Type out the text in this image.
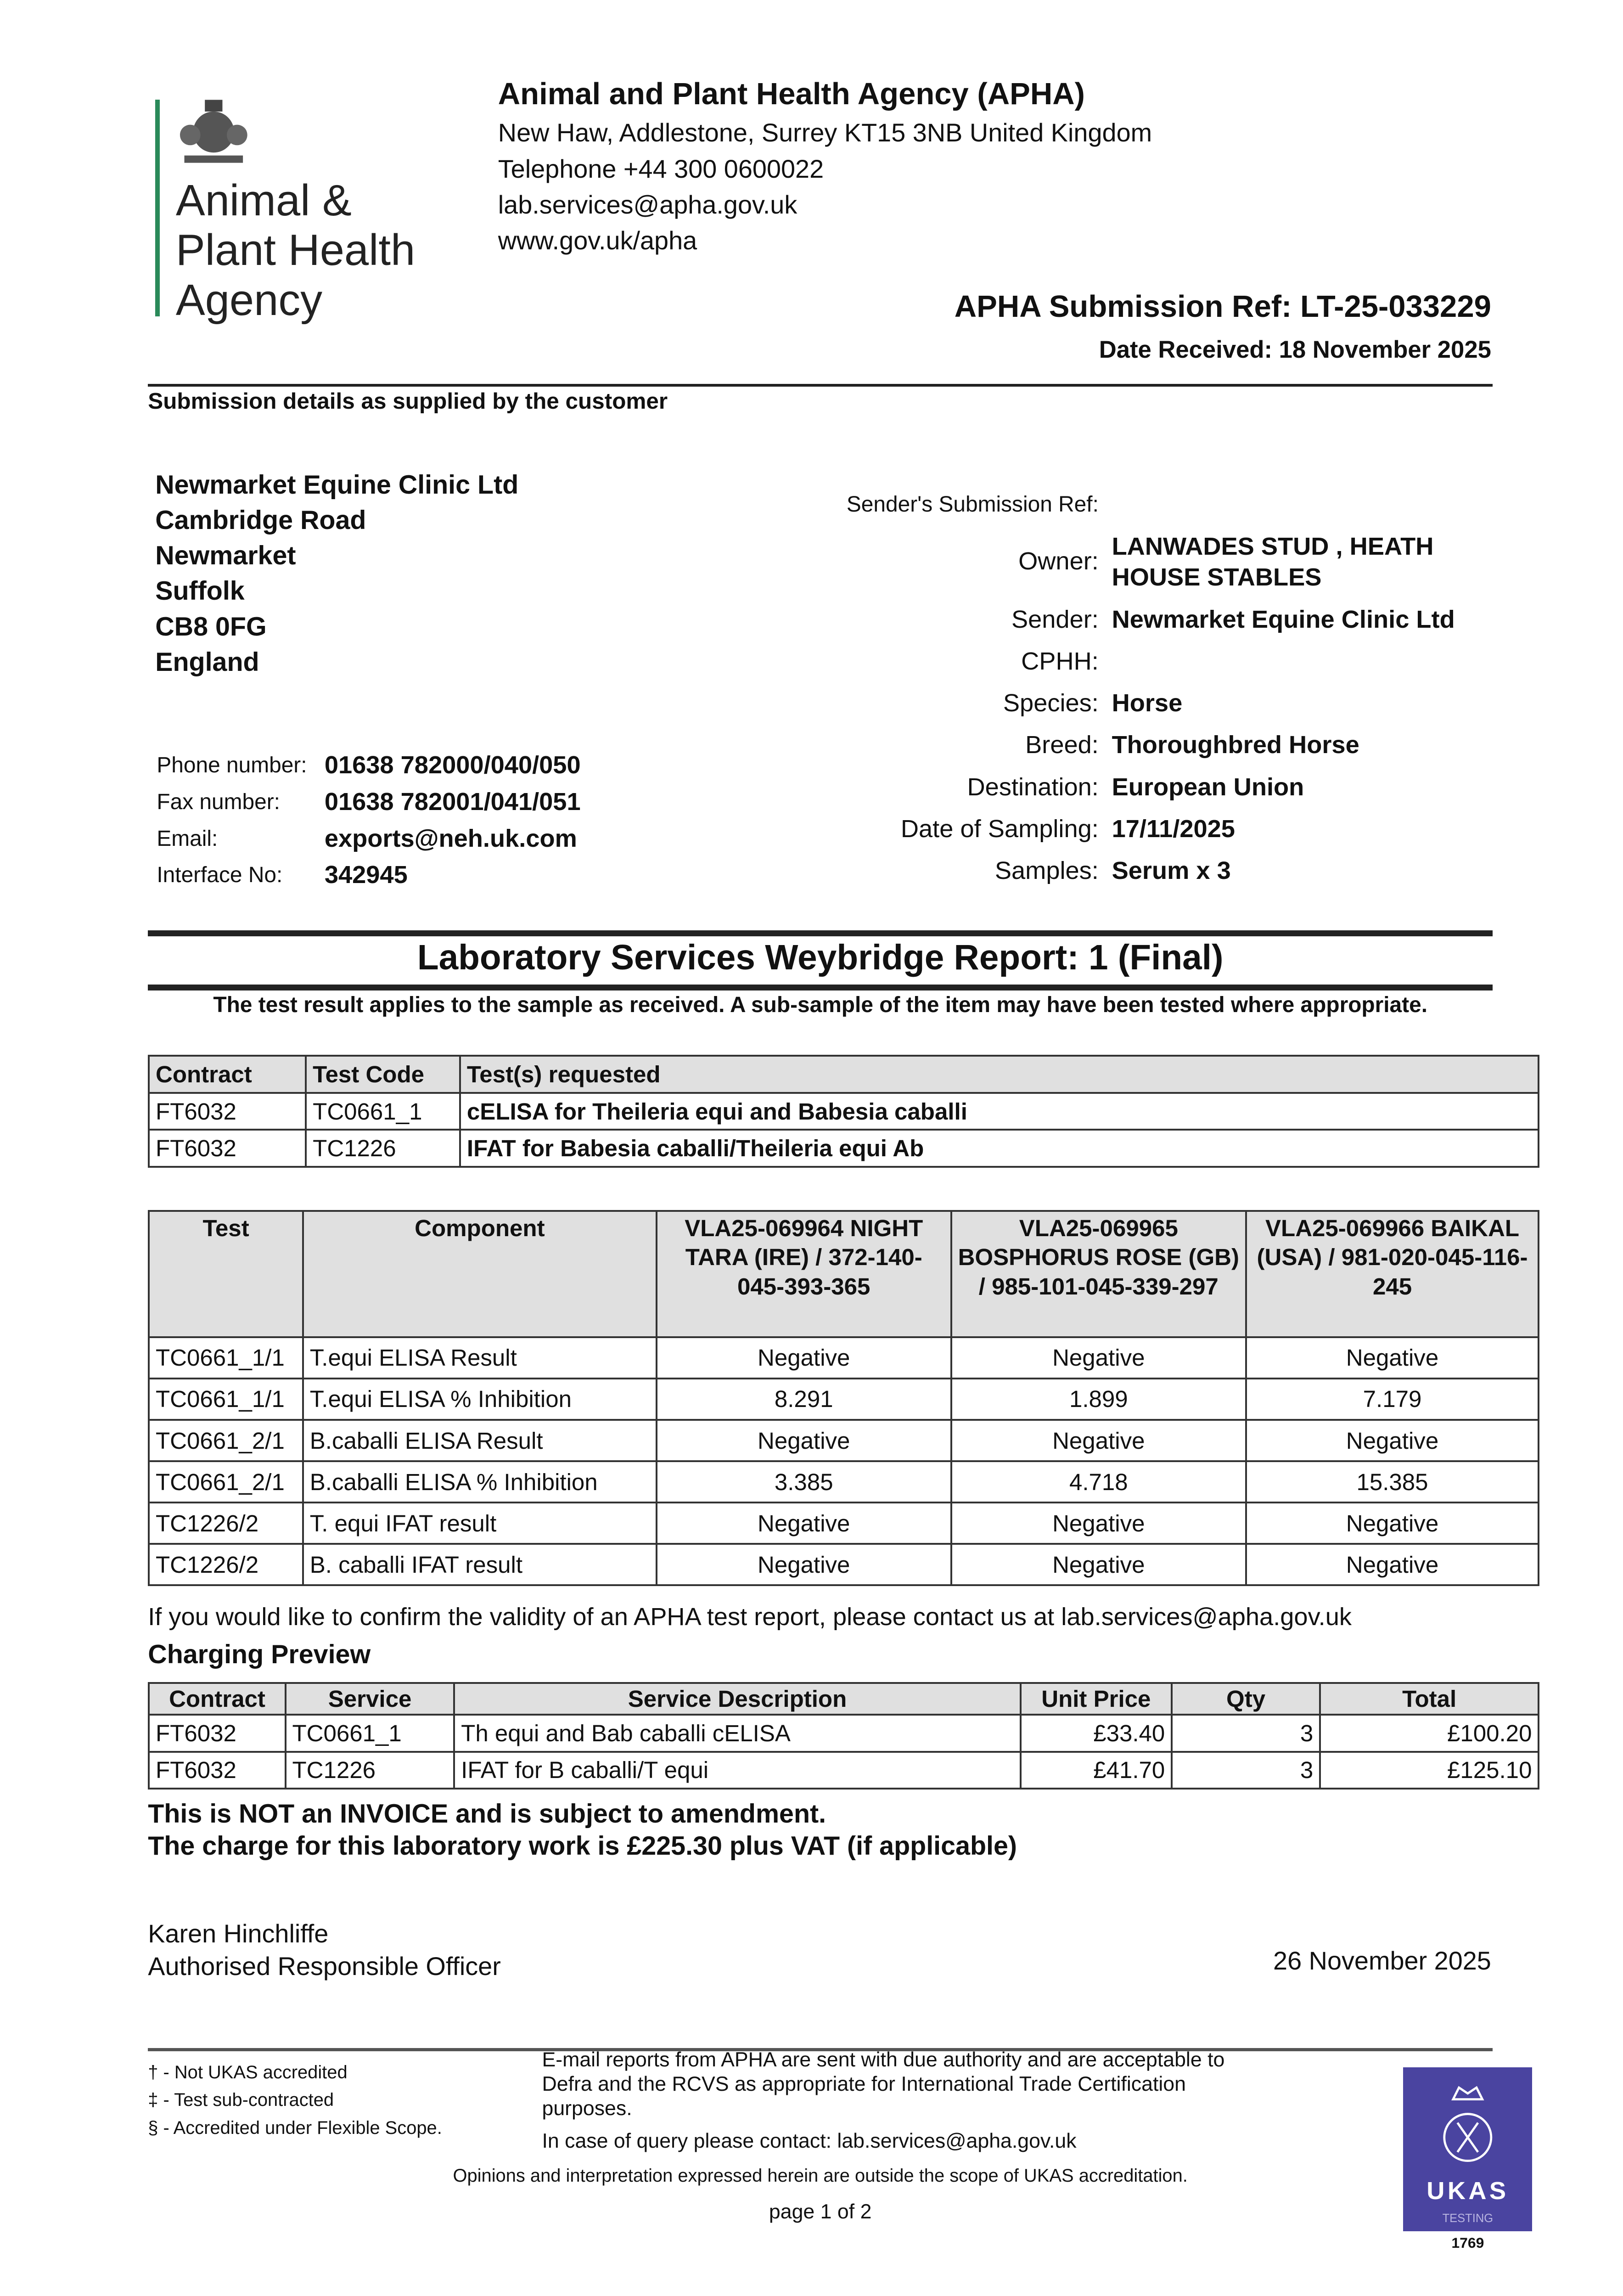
Animal &
Plant Health
Agency
Animal and Plant Health Agency (APHA)
New Haw, Addlestone, Surrey KT15 3NB United Kingdom
Telephone +44 300 0600022
lab.services@apha.gov.uk
www.gov.uk/apha
APHA Submission Ref: LT-25-033229
Date Received: 18 November 2025
Submission details as supplied by the customer
Newmarket Equine Clinic Ltd
Cambridge Road
Newmarket
Suffolk
CB8 0FG
England
Phone number:	01638 782000/040/050
Fax number:	01638 782001/041/051
Email:	exports@neh.uk.com
Interface No:	342945
Sender's Submission Ref:
Owner:
LANWADES STUD , HEATH HOUSE STABLES
Sender: Newmarket Equine Clinic Ltd
CPHH:
Species: Horse
Breed: Thoroughbred Horse
Destination: European Union
Date of Sampling: 17/11/2025
Samples: Serum x 3
Laboratory Services Weybridge Report: 1 (Final)
The test result applies to the sample as received. A sub-sample of the item may have been tested where appropriate.
Contract	Test Code	Test(s) requested
FT6032	TC0661_1	cELISA for Theileria equi and Babesia caballi
FT6032	TC1226	IFAT for Babesia caballi/Theileria equi Ab
Test	Component	VLA25-069964 NIGHT TARA (IRE) / 372-140-045-393-365	VLA25-069965 BOSPHORUS ROSE (GB) / 985-101-045-339-297	VLA25-069966 BAIKAL (USA) / 981-020-045-116-245
TC0661_1/1	T.equi ELISA Result	Negative	Negative	Negative
TC0661_1/1	T.equi ELISA % Inhibition	8.291	1.899	7.179
TC0661_2/1	B.caballi ELISA Result	Negative	Negative	Negative
TC0661_2/1	B.caballi ELISA % Inhibition	3.385	4.718	15.385
TC1226/2	T. equi IFAT result	Negative	Negative	Negative
TC1226/2	B. caballi IFAT result	Negative	Negative	Negative
If you would like to confirm the validity of an APHA test report, please contact us at lab.services@apha.gov.uk
Charging Preview
Contract	Service	Service Description	Unit Price	Qty	Total
FT6032	TC0661_1	Th equi and Bab caballi cELISA	£33.40	3	£100.20
FT6032	TC1226	IFAT for B caballi/T equi	£41.70	3	£125.10
This is NOT an INVOICE and is subject to amendment.
The charge for this laboratory work is £225.30 plus VAT (if applicable)
Karen Hinchliffe
Authorised Responsible Officer	26 November 2025
† - Not UKAS accredited
‡ - Test sub-contracted
§ - Accredited under Flexible Scope.
E-mail reports from APHA are sent with due authority and are acceptable to Defra and the RCVS as appropriate for International Trade Certification purposes.
In case of query please contact: lab.services@apha.gov.uk
Opinions and interpretation expressed herein are outside the scope of UKAS accreditation.
page 1 of 2
UKAS
TESTING
1769
